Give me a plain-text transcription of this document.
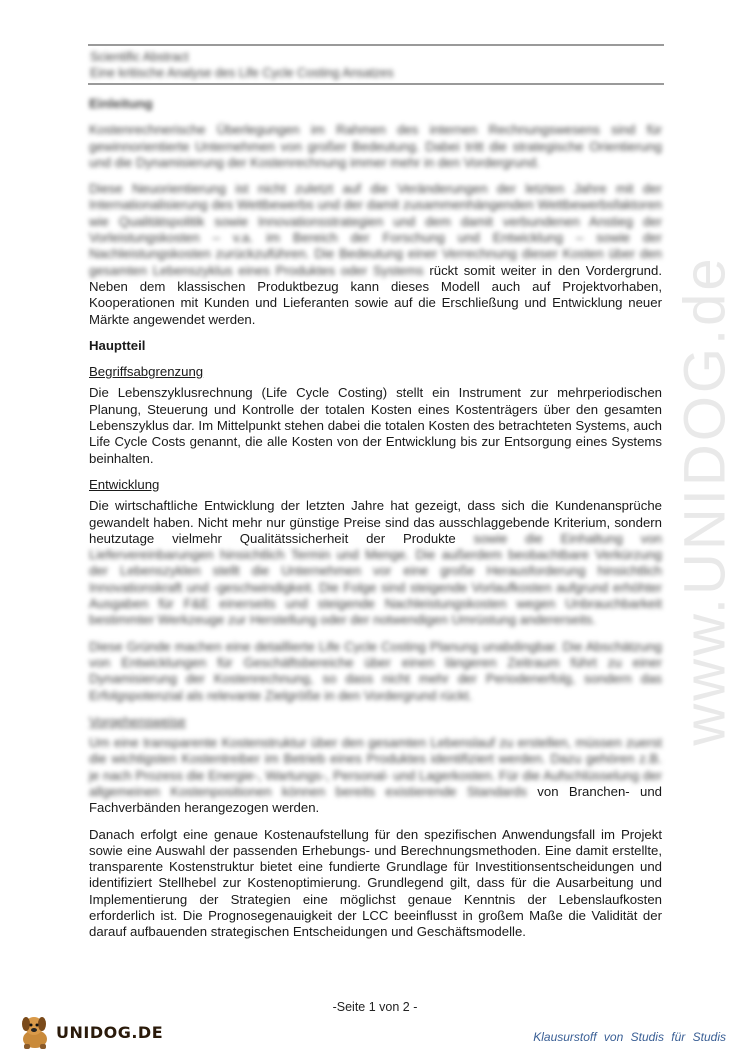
Scientific Abstract
Eine kritische Analyse des Life Cycle Costing Ansatzes
www.UNIDOG.de
Einleitung

Kostenrechnerische Überlegungen im Rahmen des internen Rechnungswesens sind für gewinnorientierte Unternehmen von großer Bedeutung. Dabei tritt die strategische Orientierung und die Dynamisierung der Kostenrechnung immer mehr in den Vordergrund.

Diese Neuorientierung ist nicht zuletzt auf die Veränderungen der letzten Jahre mit der Internationalisierung des Wettbewerbs und der damit zusammenhängenden Wettbewerbsfaktoren wie Qualitätspolitik sowie Innovationsstrategien und dem damit verbundenen Anstieg der Vorleistungskosten – v.a. im Bereich der Forschung und Entwicklung – sowie der Nachleistungskosten zurückzuführen. Die Bedeutung einer Verrechnung dieser Kosten über den gesamten Lebenszyklus eines Produktes oder Systems rückt somit weiter in den Vordergrund. Neben dem klassischen Produktbezug kann dieses Modell auch auf Projektvorhaben, Kooperationen mit Kunden und Lieferanten sowie auf die Erschließung und Entwicklung neuer Märkte angewendet werden.

Hauptteil
Begriffsabgrenzung

Die Lebenszyklusrechnung (Life Cycle Costing) stellt ein Instrument zur mehrperiodischen Planung, Steuerung und Kontrolle der totalen Kosten eines Kostenträgers über den gesamten Lebenszyklus dar. Im Mittelpunkt stehen dabei die totalen Kosten des betrachteten Systems, auch Life Cycle Costs genannt, die alle Kosten von der Entwicklung bis zur Entsorgung eines Systems beinhalten.

Entwicklung

Die wirtschaftliche Entwicklung der letzten Jahre hat gezeigt, dass sich die Kundenansprüche gewandelt haben. Nicht mehr nur günstige Preise sind das ausschlaggebende Kriterium, sondern heutzutage vielmehr Qualitätssicherheit der Produkte sowie die Einhaltung von Liefervereinbarungen hinsichtlich Termin und Menge. Die außerdem beobachtbare Verkürzung der Lebenszyklen stellt die Unternehmen vor eine große Herausforderung hinsichtlich Innovationskraft und -geschwindigkeit. Die Folge sind steigende Vorlaufkosten aufgrund erhöhter Ausgaben für F&E einerseits und steigende Nachleistungskosten wegen Unbrauchbarkeit bestimmter Werkzeuge zur Herstellung oder der notwendigen Umrüstung andererseits.

Diese Gründe machen eine detaillierte Life Cycle Costing Planung unabdingbar. Die Abschätzung von Entwicklungen für Geschäftsbereiche über einen längeren Zeitraum führt zu einer Dynamisierung der Kostenrechnung, so dass nicht mehr der Periodenerfolg, sondern das Erfolgspotenzial als relevante Zielgröße in den Vordergrund rückt.

Vorgehensweise

Um eine transparente Kostenstruktur über den gesamten Lebenslauf zu erstellen, müssen zuerst die wichtigsten Kostentreiber im Betrieb eines Produktes identifiziert werden. Dazu gehören z.B. je nach Prozess die Energie-, Wartungs-, Personal- und Lagerkosten. Für die Aufschlüsselung der allgemeinen Kostenpositionen können bereits existierende Standards von Branchen- und Fachverbänden herangezogen werden.

Danach erfolgt eine genaue Kostenaufstellung für den spezifischen Anwendungsfall im Projekt sowie eine Auswahl der passenden Erhebungs- und Berechnungsmethoden. Eine damit erstellte, transparente Kostenstruktur bietet eine fundierte Grundlage für Investitionsentscheidungen und identifiziert Stellhebel zur Kostenoptimierung. Grundlegend gilt, dass für die Ausarbeitung und Implementierung der Strategien eine möglichst genaue Kenntnis der Lebenslaufkosten erforderlich ist. Die Prognosegenauigkeit der LCC beeinflusst in großem Maße die Validität der darauf aufbauenden strategischen Entscheidungen und Geschäftsmodelle.

-Seite 1 von 2 -
UNIDOG.DE	Klausurstoff von Studis für Studis
